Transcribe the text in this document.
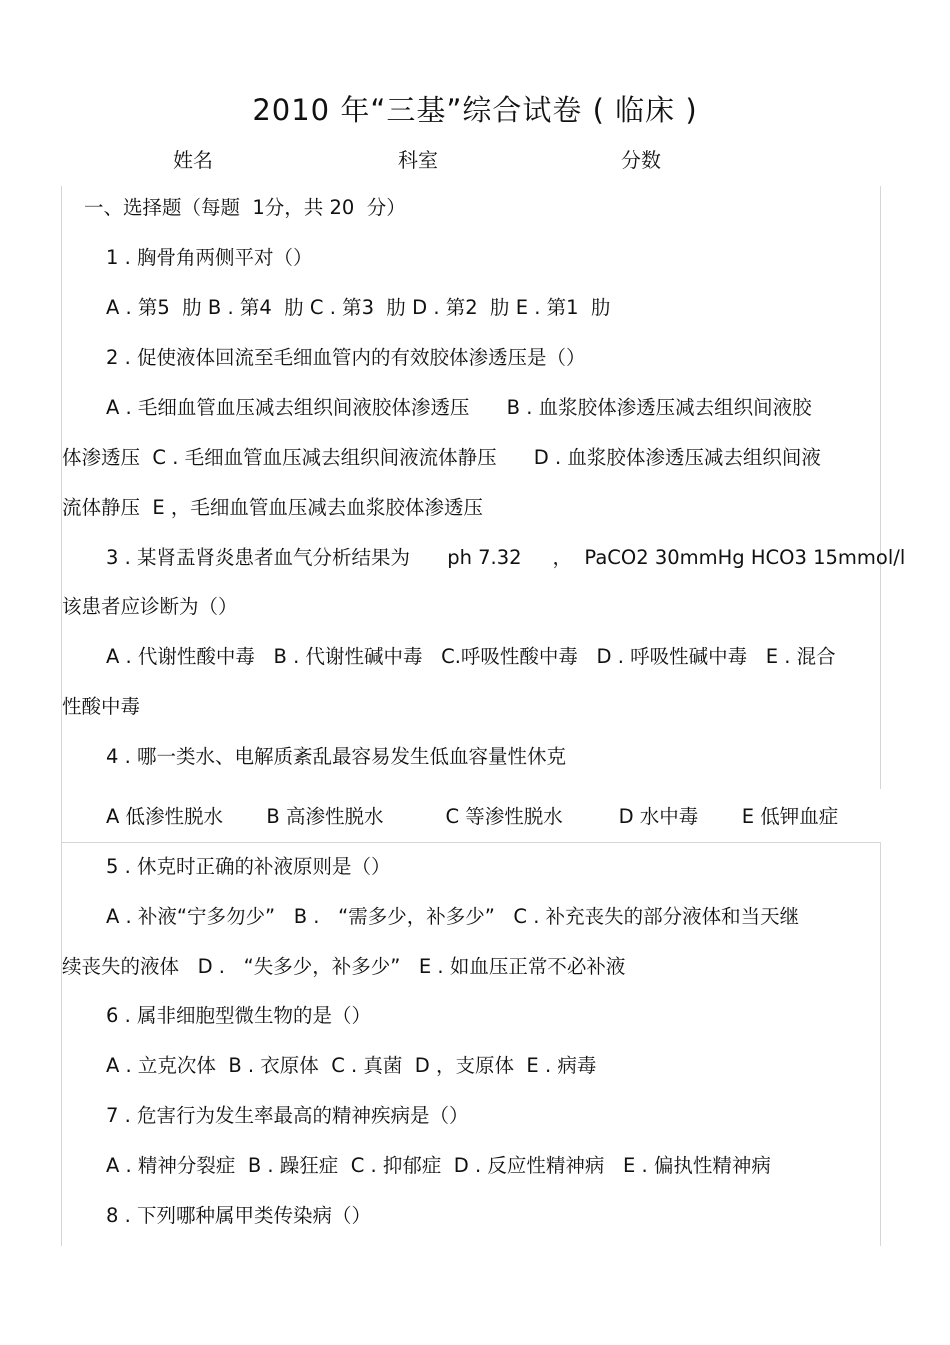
2010 年“三基”综合试卷 ( 临床 )
姓名	科室	分数
一、选择题（每题  1分，共 20  分）
1 . 胸骨角两侧平对（）
A . 第5  肋 B . 第4  肋 C . 第3  肋 D . 第2  肋 E . 第1  肋
2 . 促使液体回流至毛细血管内的有效胶体渗透压是（）
A . 毛细血管血压减去组织间液胶体渗透压      B . 血浆胶体渗透压减去组织间液胶
体渗透压  C . 毛细血管血压减去组织间液流体静压      D . 血浆胶体渗透压减去组织间液
流体静压  E ，毛细血管血压减去血浆胶体渗透压
3 . 某肾盂肾炎患者血气分析结果为      ph 7.32     ，  PaCO2 30mmHg HCO3 15mmol/l
该患者应诊断为（）
A . 代谢性酸中毒   B . 代谢性碱中毒   C.呼吸性酸中毒   D . 呼吸性碱中毒   E . 混合
性酸中毒
4 . 哪一类水、电解质紊乱最容易发生低血容量性休克
A 低渗性脱水       B 高渗性脱水          C 等渗性脱水         D 水中毒       E 低钾血症
5 . 休克时正确的补液原则是（）
A . 补液“宁多勿少”   B .   “需多少，补多少”   C . 补充丧失的部分液体和当天继
续丧失的液体   D .   “失多少，补多少”   E . 如血压正常不必补液
6 . 属非细胞型微生物的是（）
A . 立克次体  B . 衣原体  C . 真菌  D ，支原体  E . 病毒
7 . 危害行为发生率最高的精神疾病是（）
A . 精神分裂症  B . 躁狂症  C . 抑郁症  D . 反应性精神病   E . 偏执性精神病
8 . 下列哪种属甲类传染病（）
